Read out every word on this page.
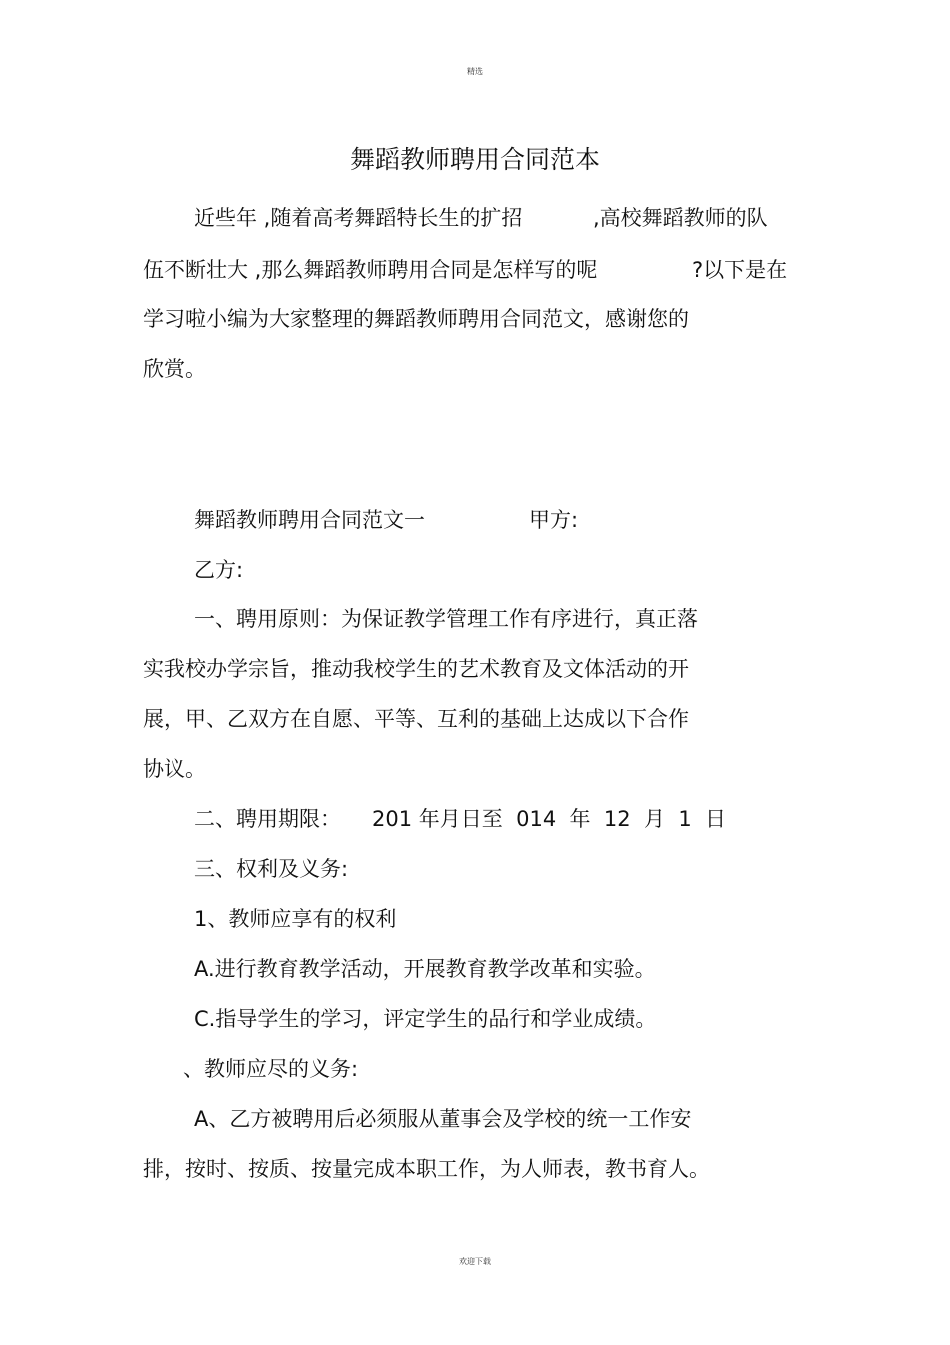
精选
舞蹈教师聘用合同范本
近些年 ,随着高考舞蹈特长生的扩招	,高校舞蹈教师的队
伍不断壮大 ,那么舞蹈教师聘用合同是怎样写的呢	?以下是在
学习啦小编为大家整理的舞蹈教师聘用合同范文，感谢您的
欣赏。
舞蹈教师聘用合同范文一	甲方:
乙方:
一、聘用原则：为保证教学管理工作有序进行，真正落
实我校办学宗旨，推动我校学生的艺术教育及文体活动的开
展，甲、乙双方在自愿、平等、互利的基础上达成以下合作
协议。
二、聘用期限： 201 年月日至  014  年  12  月  1  日
三、权利及义务:
1、教师应享有的权利
A.进行教育教学活动，开展教育教学改革和实验。
C.指导学生的学习，评定学生的品行和学业成绩。
、教师应尽的义务:
A、乙方被聘用后必须服从董事会及学校的统一工作安
排，按时、按质、按量完成本职工作，为人师表，教书育人。
欢迎下载
